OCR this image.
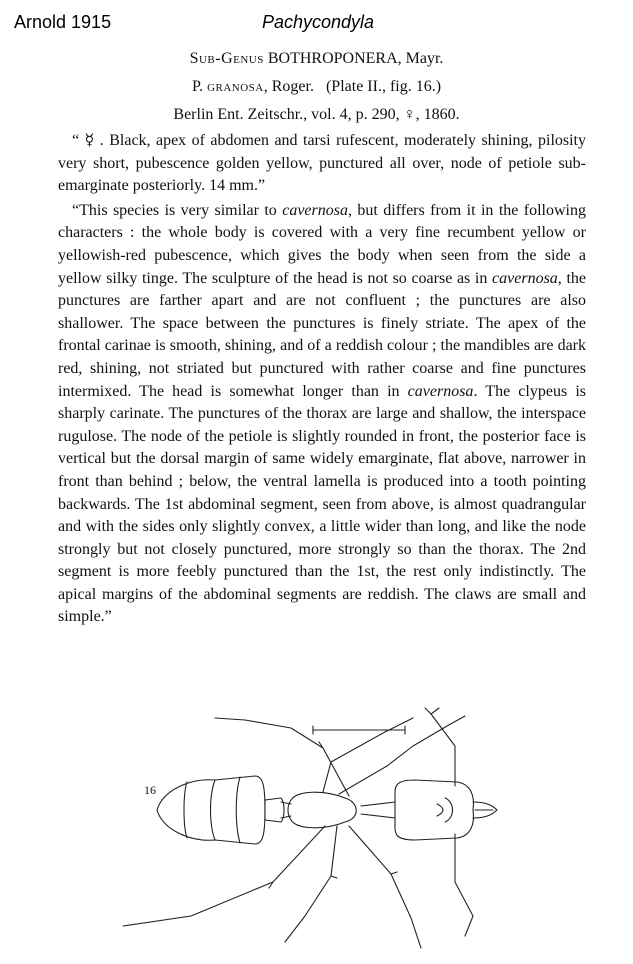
Arnold 1915	Pachycondyla
Sub-Genus BOTHROPONERA, Mayr.
P. granosa, Roger.   (Plate II., fig. 16.)
Berlin Ent. Zeitschr., vol. 4, p. 290, ♀, 1860.

“ ☿ . Black, apex of abdomen and tarsi rufescent, moderately shining, pilosity very short, pubescence golden yellow, punctured all over, node of petiole sub-emarginate posteriorly. 14 mm.”

“This species is very similar to cavernosa, but differs from it in the following characters : the whole body is covered with a very fine recumbent yellow or yellowish-red pubescence, which gives the body when seen from the side a yellow silky tinge. The sculpture of the head is not so coarse as in cavernosa, the punctures are farther apart and are not confluent ; the punctures are also shallower. The space between the punctures is finely striate. The apex of the frontal carinae is smooth, shining, and of a reddish colour ; the mandibles are dark red, shining, not striated but punctured with rather coarse and fine punctures intermixed. The head is somewhat longer than in cavernosa. The clypeus is sharply carinate. The punctures of the thorax are large and shallow, the interspace rugulose. The node of the petiole is slightly rounded in front, the posterior face is vertical but the dorsal margin of same widely emarginate, flat above, narrower in front than behind ; below, the ventral lamella is produced into a tooth pointing backwards. The 1st abdominal segment, seen from above, is almost quadrangular and with the sides only slightly convex, a little wider than long, and like the node strongly but not closely punctured, more strongly so than the thorax. The 2nd segment is more feebly punctured than the 1st, the rest only indistinctly. The apical margins of the abdominal segments are reddish. The claws are small and simple.”

16
